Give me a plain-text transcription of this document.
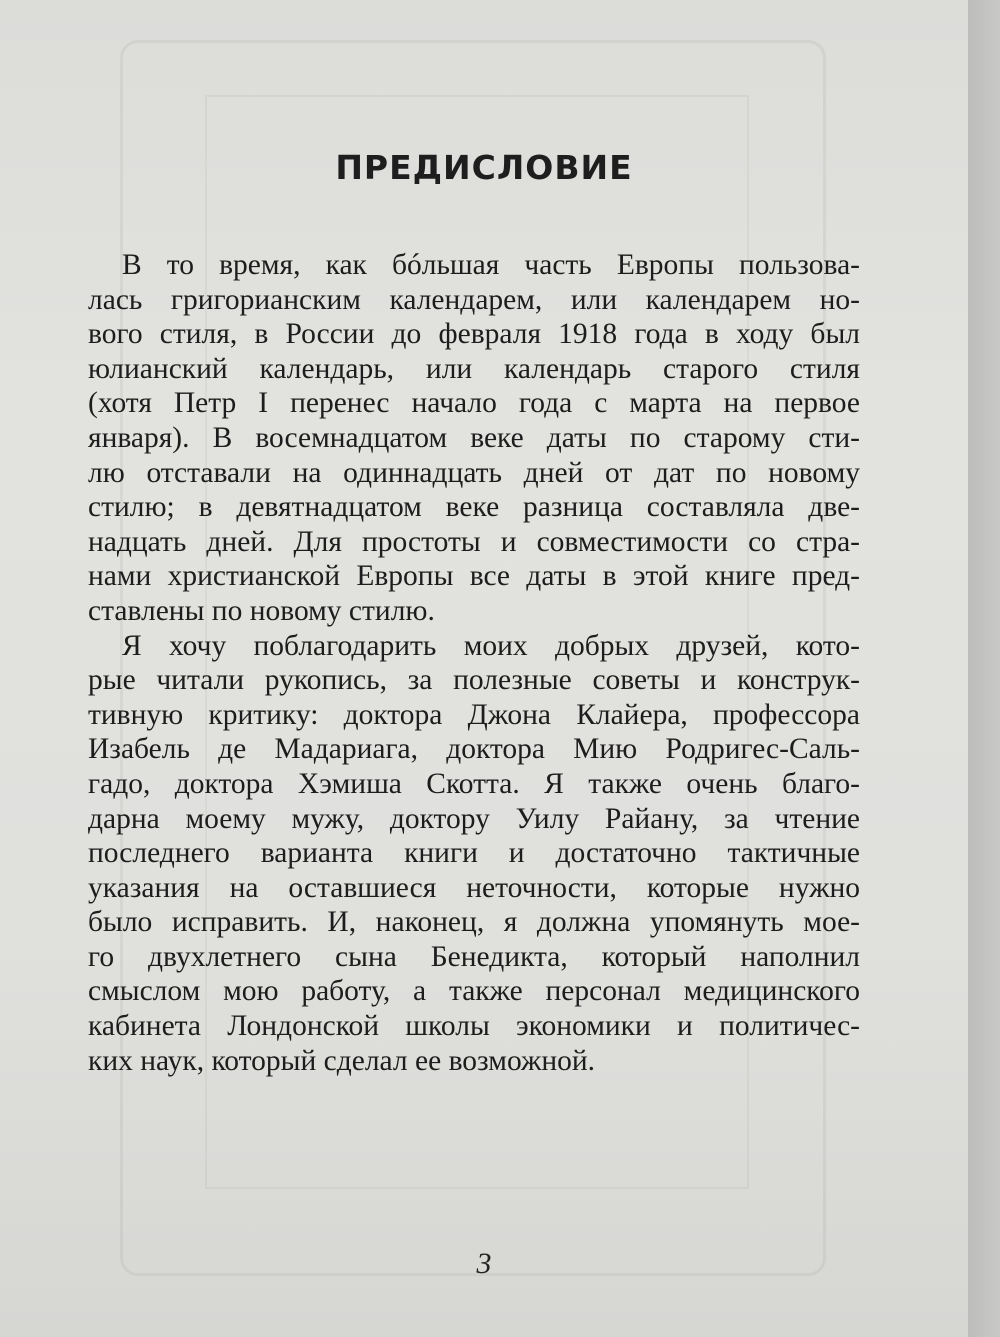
ПРЕДИСЛОВИЕ

В то время, как бóльшая часть Европы пользова-
лась григорианским календарем, или календарем но-
вого стиля, в России до февраля 1918 года в ходу был
юлианский календарь, или календарь старого стиля
(хотя Петр I перенес начало года с марта на первое
января). В восемнадцатом веке даты по старому сти-
лю отставали на одиннадцать дней от дат по новому
стилю; в девятнадцатом веке разница составляла две-
надцать дней. Для простоты и совместимости со стра-
нами христианской Европы все даты в этой книге пред-
ставлены по новому стилю.

Я хочу поблагодарить моих добрых друзей, кото-
рые читали рукопись, за полезные советы и конструк-
тивную критику: доктора Джона Клайера, профессора
Изабель де Мадариага, доктора Мию Родригес-Саль-
гадо, доктора Хэмиша Скотта. Я также очень благо-
дарна моему мужу, доктору Уилу Райану, за чтение
последнего варианта книги и достаточно тактичные
указания на оставшиеся неточности, которые нужно
было исправить. И, наконец, я должна упомянуть мое-
го двухлетнего сына Бенедикта, который наполнил
смыслом мою работу, а также персонал медицинского
кабинета Лондонской школы экономики и политичес-
ких наук, который сделал ее возможной.

3
